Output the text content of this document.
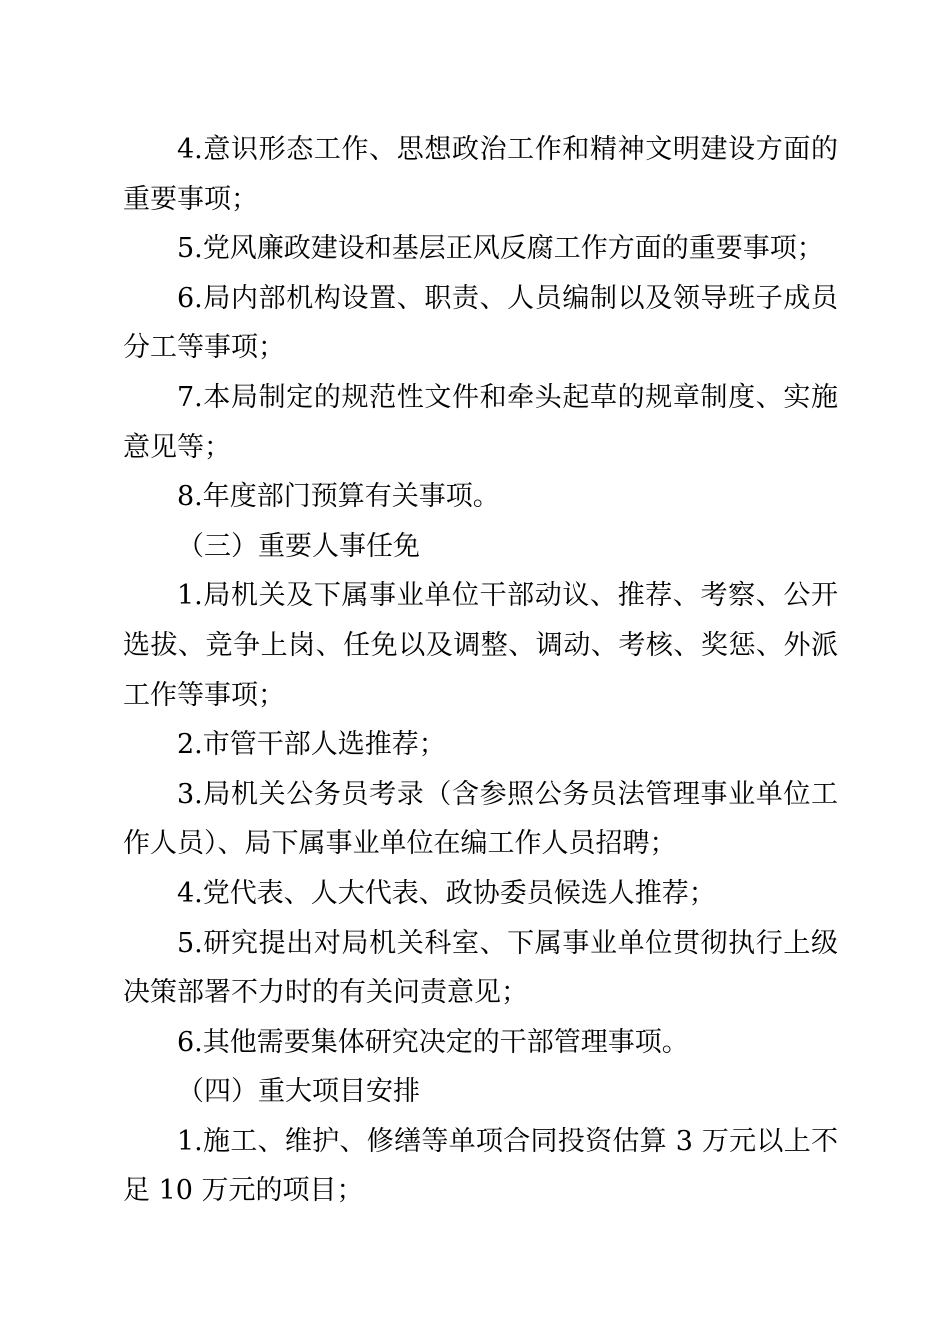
4.意识形态工作、思想政治工作和精神文明建设方面的重要事项；

5.党风廉政建设和基层正风反腐工作方面的重要事项；

6.局内部机构设置、职责、人员编制以及领导班子成员分工等事项；

7.本局制定的规范性文件和牵头起草的规章制度、实施意见等；

8.年度部门预算有关事项。

（三）重要人事任免

1.局机关及下属事业单位干部动议、推荐、考察、公开选拔、竞争上岗、任免以及调整、调动、考核、奖惩、外派工作等事项；

2.市管干部人选推荐；

3.局机关公务员考录（含参照公务员法管理事业单位工作人员）、局下属事业单位在编工作人员招聘；

4.党代表、人大代表、政协委员候选人推荐；

5.研究提出对局机关科室、下属事业单位贯彻执行上级决策部署不力时的有关问责意见；

6.其他需要集体研究决定的干部管理事项。

（四）重大项目安排

1.施工、维护、修缮等单项合同投资估算 3 万元以上不足 10 万元的项目；
